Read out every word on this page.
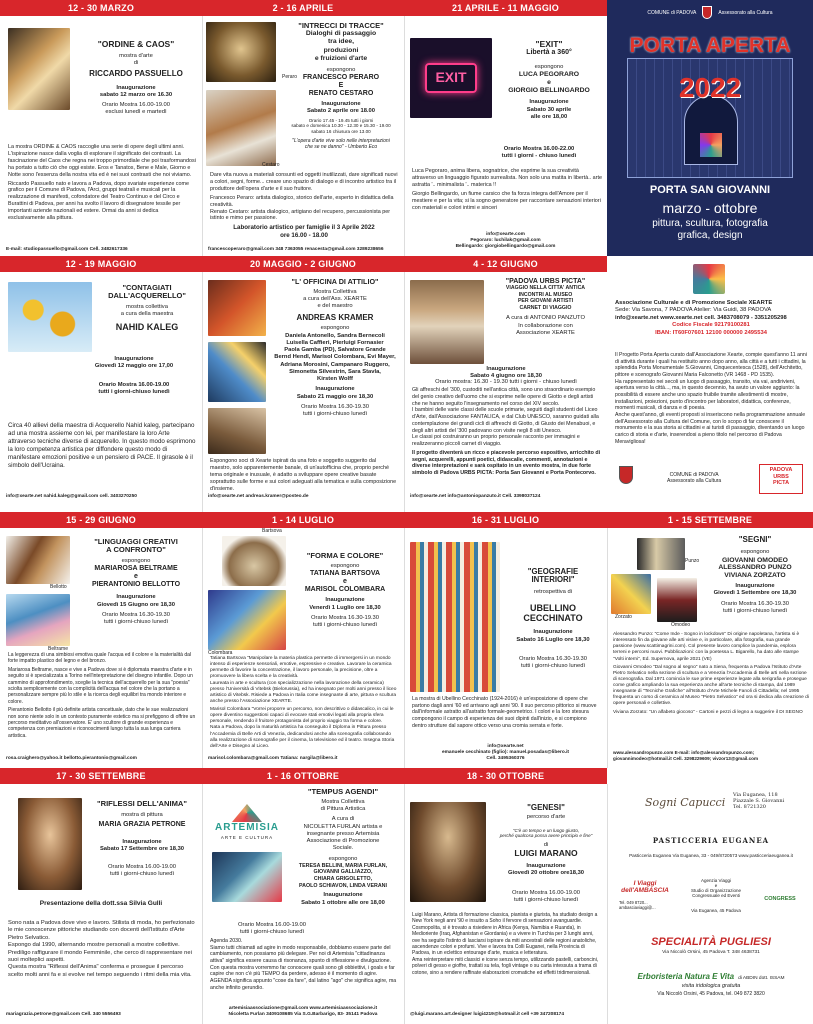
12 - 30 MARZO	2 - 16 APRILE	21 APRILE - 11 MAGGIO
"ORDINE & CAOS"
mostra d'arte
di
RICCARDO PASSUELLO
Inaugurazione
sabato 12 marzo ore 16.30
Orario Mostra 16.00-19.00
esclusi lunedì e martedì

La mostra ORDINE & CAOS raccoglie una serie di opere degli ultimi anni. L'ispirazione nasce dalla voglia di esplorare il significato dei contrasti. La fascinazione del Caos che regna nei troppo primordiale che poi trasformandosi ha portato a tutto ciò che oggi esiste. Eros e Tanatos, Bene e Male, Giorno e Notte sono l'essenza della nostra vita ed è nei suoi contrasti che noi viviamo.

Riccardo Passuello nato e lavora a Padova, dopo svariate esperienze come grafico per il Comune di Padova, l'Arci, gruppi teatrali e musicali per la realizzazione di manifesti, cofondatore del Teatro Continuo e del Circo e Burattini di Padova, per anni ha svolto il lavoro di disegnatore tessile per importanti aziende nazionali ed estere. Ormai da anni si dedica esclusivamente alla pittura.

E-mail: studiopassuello@gmail.com Cell. 3482617336
Peraro
Cestaro
"INTRECCI DI TRACCE"
Dialoghi di passaggio
tra idee,
produzioni
e fruizioni d'arte
espongono
FRANCESCO PERARO
E
RENATO CESTARO
Inaugurazione
Sabato 2 aprile ore 18.00
Orario 17.45 - 19.45 tutti i giorni
sabato e domenica 10.30 - 12.30 e 15.30 - 19.00
sabato 16 chiusura ore 13.00
"L'opera d'arte vive solo nelle interpretazioni
che se ne danno" - Umberto Eco

Dare vita nuova a materiali consunti ed oggetti inutilizzati, dare significati nuovi a colori, segni, forme... creare uno spazio di dialogo e di incontro artistico tra il produttore dell'opera d'arte e il suo fruitore.

Francesco Peraro: artista dialogico, storico dell'arte, esperto in didattica della creatività.
Renato Cestaro: artista dialogico, artigiano del recupero, percussionista per istinto e mimo per passione.

Laboratorio artistico per famiglie il 3 Aprile 2022
ore 16.00 - 18.00

francescoperaro@gmail.com 348 7363055 renacesta@gmail.com 3289238656
EXIT
"EXIT"
Libertà a 360°
espongono
LUCA PEGORARO
e
GIORGIO BELLINGARDO
Inaugurazione
Sabato 30 aprile
alle ore 18,00
Orario Mostra 16.00-22.00
tutti i giorni - chiuso lunedì

Luca Pegoraro, anima libera, sognatrice, che esprime la sua creatività attraverso un linguaggio figurato surrealista. Non solo una matita in libertà.. arte astratta '.. minimalista '.. materica !!

Giorgio Bellingardo, un fiume carsico che fa forza integra dell'Amore per il mestiere e per la vita; si la sogno generatore per raccontare sensazioni interiori con materiali e colori intimi e sinceri

info@xearte.com
Pegoraro: luchilak@gmail.com
Bellingardo: giorgiobellingardo@gmail.com
COMUNE di PADOVA	Assessorato alla Cultura
PORTA APERTA
2022
PORTA SAN GIOVANNI
marzo - ottobre
pittura, scultura, fotografia
grafica, design
12 - 19 MAGGIO	20 MAGGIO - 2 GIUGNO	4 - 12 GIUGNO
"CONTAGIATI
DALL'ACQUERELLO"
mostra collettiva
a cura della maestra
NAHID KALEG
Inaugurazione
Giovedì 12 maggio ore 17,00
Orario Mostra 16.00-19.00
tutti i giorni-chiuso lunedì

Circa 40 allievi della maestra di Acquerello Nahid kaleg, partecipano ad una mostra assieme con lei, per manifestare la loro Arte attraverso tecniche diverse di acquerello. In questo modo esprimono la loro competenza artistica per diffondere questo modo di manifestare emozioni positive e un pensiero di PACE. Il girasole è il simbolo dell'Ucraina.

info@xearte.net nahid.kaleg@gmail.com cell. 3403270250
"L' OFFICINA DI ATTILIO"
Mostra Collettiva
a cura dell'Ass. XEARTE
e del maestro
ANDREAS KRAMER
espongono
Daniela Antonello, Sandra Bernecoli
Luisella Caffieri, Pierluigi Fornasier
Paola Gamba (PD), Salvatore Grande
Bernd Hendl, Marisol Colombara, Evi Mayer,
Adriana Morosini, Campanaro Ruggero,
Simonetta Silvestrin, Sara Stavla,
Kirsten Wolff
Inaugurazione
Sabato 21 maggio ore 18,30
Orario Mostra 16.30-19.30
tutti i giorni-chiuso lunedì

Espongono soci di Xearte ispirati da una foto e soggetto suggerito dal maestro, solo apparentemente banale, di un'autofficina che, proprio perché tema originale e inusuale, è adatto a sviluppare opere creative basate soprattutto sulle forme e sui colori adeguati alla tematica e sulla composizione d'insieme.

info@xearte.net andreas.kramer@posteo.de
"PADOVA URBS PICTA"
VIAGGIO NELLA CITTA' ANTICA
INCONTRI AL MUSEO
PER GIOVANI ARTISTI
CARNET DI VIAGGIO
A cura di ANTONIO PANZUTO
In collaborazione con
Associazione XEARTE
Inaugurazione
Sabato 4 giugno ore 18,30
Orario mostra: 16.30 - 19.30 tutti i giorni - chiuso lunedì

Gli affreschi del '300, custoditi nell'antica città, sono uno straordinario esempio del genio creativo dell'uomo che si esprime nelle opere di Giotto e degli artisti che ne hanno seguito l'insegnamento nel corso del XIV secolo.
I bambini delle varie classi delle scuole primarie, seguiti dagli studenti del Liceo d'Arte, dall'Associazione FANTALICA, e dal Club UNESCO, saranno guidati alla contemplazione dei grandi cicli di affreschi di Giotto, di Giusto dei Menabuoi, e degli altri artisti del '300 padovano con visite negli 8 siti Unesco.
Le classi poi costruiranno un proprio personale racconto per immagini e realizzeranno piccoli carnet di viaggio.

Il progetto diventerà un ricco e piacevole percorso espositivo, arricchito di segni, acquerelli, appunti poetici, didascalie, commenti, annotazioni e diverse interpretazioni e sarà ospitato in un evento mostra, in due forte simbolo di Padova URBS PICTA: Porta San Giovanni e Porta Pontecorvo.

info@xearte.net info@antoniopanzuto.it Cell. 3398037124
Associazione Culturale e di Promozione Sociale XEARTE
Sede: Via Savona, 7 PADOVA Atelier: Via Guidi, 38 PADOVA
info@xearte.net www.xearte.net cell. 3483708079 - 3351205298
Codice Fiscale 92179100281
IBAN: IT60F07601 12100 000000 2495534
Il Progetto Porta Aperta curato dall'Associazione Xearte, compie quest'anno 11 anni di attività durante i quali ha restituito anno dopo anno, alla città e a tutti i cittadini, la splendida Porta Monumentale S.Giovanni, Cinquecentesca (1528), dell'Architetto, pittore e scenografo Giovanni Maria Falconetto (VR 1468 - PD 1535).
Ha rappresentato nei secoli un luogo di passaggio, transito, via vai, andirivieni, apertura verso la città..., ma, in questo decennio, ha avuto un valore aggiunto: la possibilità di essere anche uno spazio fruibile tramite allestimenti di mostre, installazioni, proiezioni, punto d'incontro per laboratori, didattica, conferenze, momenti musicali, di danza e di poesia.
Anche quest'anno, gli eventi proposti si inseriscono nella programmazione annuale dell'Assessorato alla Cultura del Comune, con lo scopo di far conoscere il monumento e la sua storia ai cittadini e ai turisti di passaggio, diventando un luogo carico di storia e d'arte, inserendosi a pieno titolo nel percorso di Padova Meravigliosa!
COMUNE di PADOVA
Assessorato alla Cultura
PADOVA
URBS
PICTA
15 - 29 GIUGNO	1 - 14 LUGLIO	16 - 31 LUGLIO	1 - 15 SETTEMBRE
Bellotto
Beltrame
"LINGUAGGI CREATIVI
A CONFRONTO"
espongono
MARIAROSA BELTRAME
e
PIERANTONIO BELLOTTO
Inaugurazione
Giovedì 15 Giugno ore 18,30
Orario Mostra 16.30-19.30
tutti i giorni-chiuso lunedì

La leggerezza di una simbiosi emotiva quale l'acqua ed il colore e la materialità dal forte impatto plastico del legno e del bronzo.

Mariarosa Beltrame, nasce e vive a Padova dove si è diplomata maestra d'arte e in seguito si è specializzata a Torino nell'interpretazione del disegno infantile. Dopo un cammino di approfondimento, sceglie la tecnica dell'acquerello per la sua "poesia" sciolta semplicemente con la complicità dell'acqua nel colore che la portano a personalizzare sempre più lo stile e la ricerca degli equilibri tra mondo interiore e colore.

Pierantonio Bellotto il più definite artista concettuale, dato che le sue realizzazioni non sono niente solo in un contesto puramente estetico ma si prefiggono di offrire un percorso meditativo all'osservatore. E' uno scultore di grande esperienza e competenza con premiazioni e riconoscimenti lungo tutta la sua lunga carriera artistica.

rosa.craighero@yahoo.it bellotto.pierantonio@gmail.com
Bartsova
Colombara
"FORMA E COLORE"
espongono
TATIANA BARTSOVA
e
MARISOL COLOMBARA
Inaugurazione
Venerdì 1 Luglio ore 18,30
Orario Mostra 16.30-19.30
tutti i giorni-chiuso lunedì

Tatiana Bartsova "Manipolare la materia plastica permette di immergersi in un mondo intenso di esperienze sensoriali, emotive, espressive e creative. Lavorare la ceramica permette di favorire la concentrazione, il lavoro personale, la precisione, oltre a promuovere la libera scelta e la creatività.
Laureata in arte e scultura (con specializzazione nella lavorazione della ceramica) presso l'Università di Vitebsk (Bielorussia), ed ha insegnato per molti anni presso il liceo artistico di Vitebsk. Risiede a Padova in Italia come insegnante di arte, pittura e scultura anche presso l'Associazione XEARTE.

Marisol Colombara "Vorrei proporre un percorso, non descrittivo o didascalico, in cui le opere diventino suggestioni capaci di evocare stati emotivi legati alla propria sfera personale, rendendo il fruitore protagonista del proprio viaggio tra forma e colore.
Nata a Padova, dopo la maturità artistica ha conseguito il Diploma in Pittura presso l'Accademia di Belle Arti di Venezia, dedicandosi anche alla scenografia collaborando alla realizzazione di scenografie per il cinema, la televisione ed il teatro. Insegna Storia dell'Arte e Disegno al Liceo.

marisol.colombara@gmail.com Tatiana: nargila@libero.it
"GEOGRAFIE
INTERIORI"
retrospettiva di
UBELLINO
CECCHINATO
Inaugurazione
Sabato 16 Luglio ore 18,30
Orario Mostra 16.30-19.30
tutti i giorni-chiuso lunedì

La mostra di Ubellino Cecchinato (1924-2016) è un'esposizione di opere che partono dagli anni '60 ed arrivano agli anni '90. Il suo percorso pittorico si muove dall'informale astratto all'astratto formale-geometrico. I colori e la loro stesura compongono il campo di esperienza dei suoi dipinti dall'inizio, e si compiono dentro strutture dal sapore ottico verso una cromia serrata e forte.

info@xearte.net
emanuele cecchinato (figlio): manuel.posadas@libero.it
Cell. 3495360376
Punzo
Zorzato
Omodeo
"SEGNI"
espongono
GIOVANNI OMODEO
ALESSANDRO PUNZO
VIVIANA ZORZATO
Inaugurazione
Giovedì 1 Settembre ore 18,30
Orario Mostra 16.30-19.30
tutti i giorni-chiuso lunedì

Alessandro Punzo: "Come Inde - Sogno in lockdown" Di origine napoletana, l'artista si è interessato fin da giovane alle arti visive e, in particolare, alla fotografia, sua grande passione (www.scattimagrini.com). Col presente lavoro complice la pandemia, esplora terreni e percorsi nuovi. Pubblicazioni: con la poetessa L. Bigarello, ha dato alle stampe "Volti interni", Ed. Supernova, aprile 2021 (VE)

Giovanni Omodeo "Dal sogno al segno" nato a Siena, frequenta a Padova l'Istituto d'Arte Pietro Selvatico nella sezione di scultura e a Venezia l'Accademia di Belle arti nella sezione di scenografia. Dal 1971 comincia le sue prime esperienze legate alla serigrafia e prosegue come grafico ampliando la sua esperienza anche all'arte tecniche di stampa, dal 1989 insegnante di "Tecniche Grafiche" all'Istituto d'Arte Michele Fanoli di Cittadella; nel 1995 frequenta un corso di ceramica al Museo "Pietro Selvatico" ed ora si dedica alla creazione di opere personali e collettive.

Viviana Zorzato: "Un alfabeto giocoso" - Cartoni e pezzi di legno a suggerire il DI SEGNO

www.alessandropunzo.com E-mail: info@alessandropunzo.com; giovannimodeo@hotmail.it Cell. 3298229609; vivzor13@gmail.com
17 - 30 SETTEMBRE	1 - 16 OTTOBRE	18 - 30 OTTOBRE
"RIFLESSI DELL'ANIMA"
mostra di pittura
MARIA GRAZIA PETRONE
Inaugurazione
Sabato 17 Settembre ore 18,30
Orario Mostra 16.00-19.00
tutti i giorni-chiuso lunedì
Presentazione della dott.ssa Silvia Gulli

Sono nata a Padova dove vivo e lavoro. Stilista di moda, ho perfezionato le mie conoscenze pittoriche studiando con docenti dell'Istituto d'Arte Pietro Selvatico.
Espongo dal 1990, alternando mostre personali a mostre collettive. Prediligo raffigurare il mondo Femminile, che cerco di rappresentare nei suoi molteplici aspetti.
Questa mostra "Riflessi dell'Anima" conferma e prosegue il percorso scelto molti anni fa e si evolve nel tempo seguendo i ritmi della mia vita.

mariagrazia.petrone@gmail.com Cell. 340 5556493
ARTEMISIA
ARTE E CULTURA
"TEMPUS AGENDI"
Mostra Collettiva
di Pittura Artistica
A cura di
NICOLETTA FURLAN artista e
insegnante presso Artemisia
Associazione di Promozione
Sociale.
espongono
TERESA BELLINI, MARIA FURLAN,
GIOVANNI GALLIAZZO,
CHIARA GRIGOLETTO,
PAOLO SCHIAVON, LINDA VERANI
Inaugurazione
Sabato 1 ottobre alle ore 18,00
Orario Mostra 16.00-19.00
tutti i giorni-chiuso lunedì

Agenda 2030.
Siamo tutti chiamati ad agire in modo responsabile, dobbiamo essere parte del cambiamento, non possiamo più delegare. Per noi di Artemisia "cittadinanza attiva" significa essere causa di risonanza, spunto di riflessione e divulgazione. Con questa mostra vorremmo far conoscere quali sono gli obbiettivi, i goals e far capire che non c'è più TEMPO da perdere, adesso è il momento di agire. AGENDA significa appunto "cose da fare", dal latino "ago" che significa agire, ma anche infinito gerundio.

artemisiaassociazione@gmail.com www.artemisiaassociazione.it
Nicoletta Furlan 3409108685 Via S.G.Barbarigo, 83- 35141 Padova
"GENESI"
percorso d'arte
"C'è un tempo e un luogo giusto,
perché qualcosa possa avere principio e fine"
di
LUIGI MARANO
Inaugurazione
Giovedì 20 ottobre ore18,30
Orario Mostra 16.00-19.00
tutti i giorni-chiuso lunedì

Luigi Marano, Artista di formazione classica, pianista e giurista, ha studiato design a New York negli anni '90 e insuito a Soho il fervore di sensazioni avanguardie. Cosmopolita, si è trovato a risiedere in Africa (Kenya, Namibia e Ruanda), in Medioriente (Iraq, Afghanistan e Giordania) e a vivere in Turchia per 3 lunghi anni, ove ha seguito l'istinto di lasciarsi ispirare da miti ancestrali delle regioni anatoliche, ascendenze colori e profumi. Vive e lavora tra Colli Euganei, nella Provincia di Padova, in un eclettico entourage d'arte, musica e letteratura.
Ama reinterpretare miti classici e icone senza tempo, utilizzando pastelli, carboncini, polveri di gesso e gioffre, trattati su tela, fogli vintage o su carta intessuta a trama di cotone, sino a rendere raffinate elaborazioni cromatiche ed effetti tridimensionali.

@luigi.marano.art.designer luigi4219@hotmail.it cell +39 347208174
Sogni Capucci
Via Euganea, 118
Piazzale S. Giovanni
Tel. 8721320
PASTICCERIA EUGANEA
Pasticceria Euganea Via Euganea, 33 - 049/8720573 www.pasticceriaeuganea.it
I Viaggi dell'AMBASCIA
Tel. 049 8720...
ambasciaviaggi@...
Agenzia Viaggi
e
Studio di Organizzazione
Congressuale ed Eventi
Via Euganea, 45 Padova
CONGRESS
SPECIALITÀ PUGLIESI
Via Niccolò Orsini, 45 Padova T. 348 4638731
Erboristeria Natura E Vita di ABDIN dott. ISSAM
visita iridologica gratuita
Via Niccolò Orsini, 45 Padova, tel. 049 872 3820
